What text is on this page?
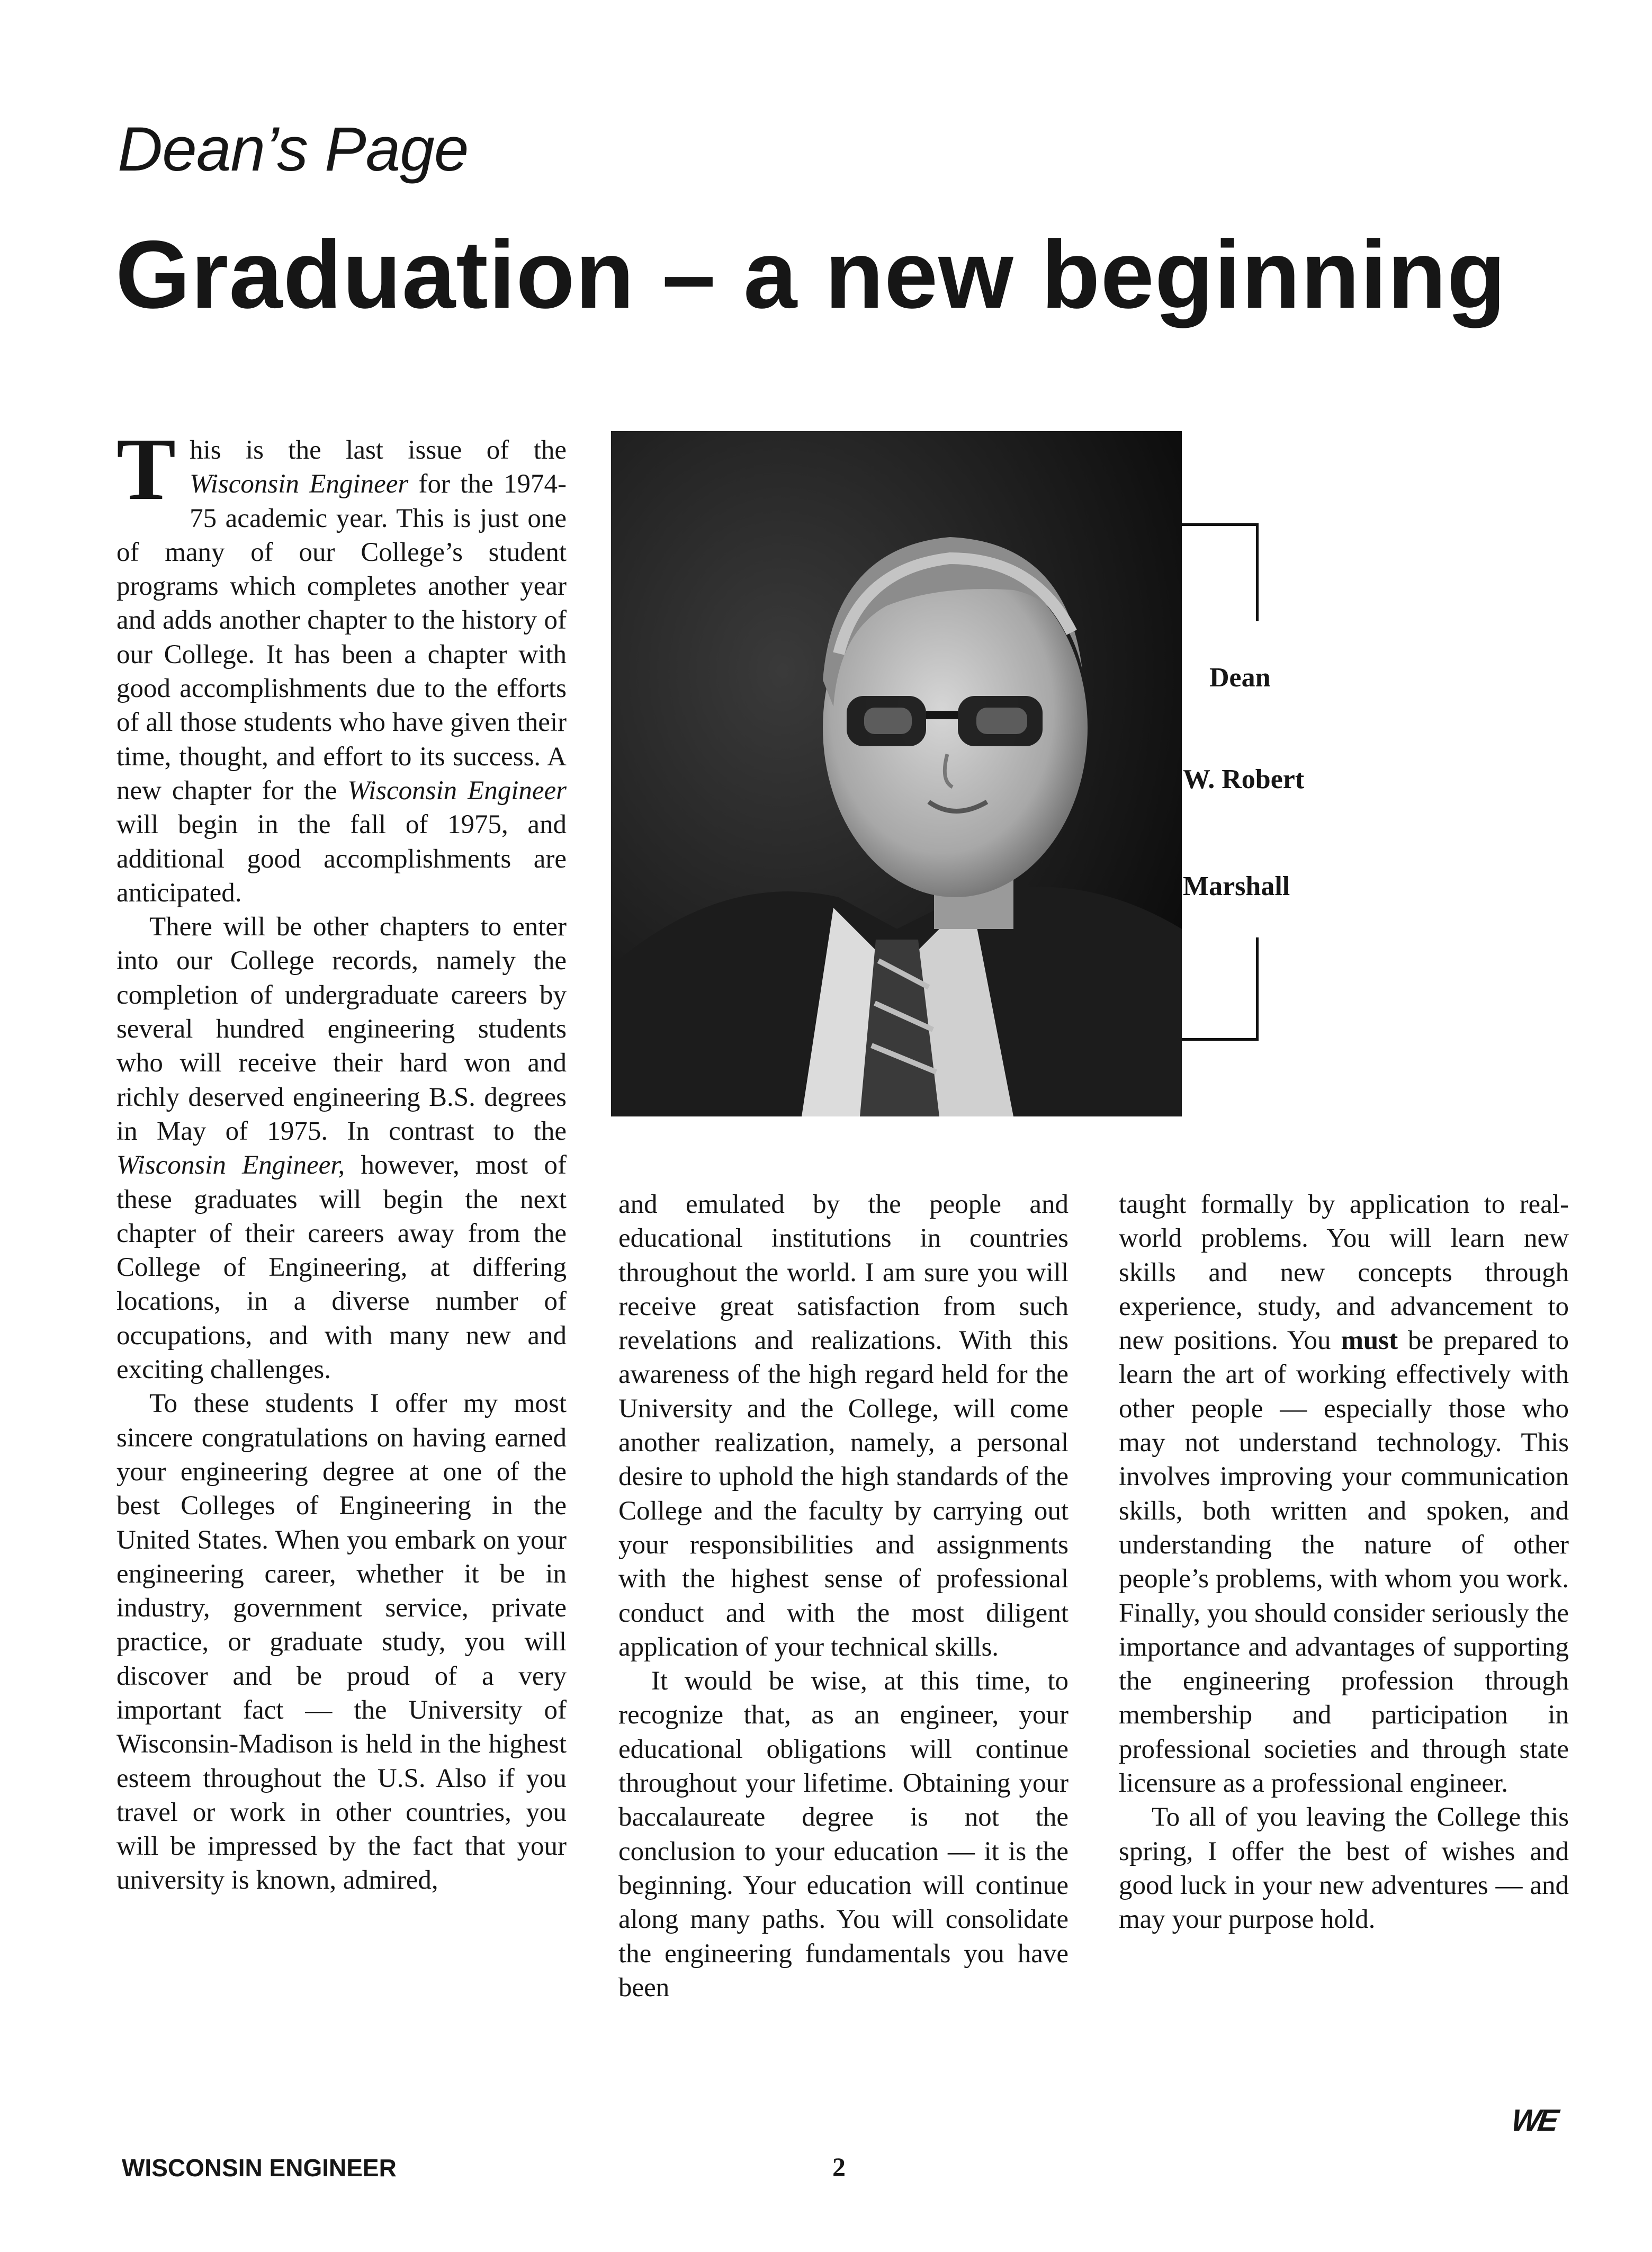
Dean’s Page
Graduation – a new beginning

This is the last issue of the Wisconsin Engineer for the 1974-75 academic year. This is just one of many of our College’s student programs which completes another year and adds another chapter to the history of our College. It has been a chapter with good accomplishments due to the efforts of all those students who have given their time, thought, and effort to its success. A new chapter for the Wisconsin Engineer will begin in the fall of 1975, and additional good accomplishments are anticipated.

There will be other chapters to enter into our College records, namely the completion of undergraduate careers by several hundred engineering students who will receive their hard won and richly deserved engineering B.S. degrees in May of 1975. In contrast to the Wisconsin Engineer, however, most of these graduates will begin the next chapter of their careers away from the College of Engineering, at differing locations, in a diverse number of occupations, and with many new and exciting challenges.

To these students I offer my most sincere congratulations on having earned your engineering degree at one of the best Colleges of Engineering in the United States. When you embark on your engineering career, whether it be in industry, government service, private practice, or graduate study, you will discover and be proud of a very important fact — the University of Wisconsin-Madison is held in the highest esteem throughout the U.S. Also if you travel or work in other countries, you will be impressed by the fact that your university is known, admired,

Dean
W. Robert
Marshall

and emulated by the people and educational institutions in countries throughout the world. I am sure you will receive great satisfaction from such revelations and realizations. With this awareness of the high regard held for the University and the College, will come another realization, namely, a personal desire to uphold the high standards of the College and the faculty by carrying out your responsibilities and assignments with the highest sense of professional conduct and with the most diligent application of your technical skills.

It would be wise, at this time, to recognize that, as an engineer, your educational obligations will continue throughout your lifetime. Obtaining your baccalaureate degree is not the conclusion to your education — it is the beginning. Your education will continue along many paths. You will consolidate the engineering fundamentals you have been

taught formally by application to real-world problems. You will learn new skills and new concepts through experience, study, and advancement to new positions. You must be prepared to learn the art of working effectively with other people — especially those who may not understand technology. This involves improving your communication skills, both written and spoken, and understanding the nature of other people’s problems, with whom you work. Finally, you should consider seriously the importance and advantages of supporting the engineering profession through membership and participation in professional societies and through state licensure as a professional engineer.

To all of you leaving the College this spring, I offer the best of wishes and good luck in your new adventures — and may your purpose hold.

WE
WISCONSIN ENGINEER	2
